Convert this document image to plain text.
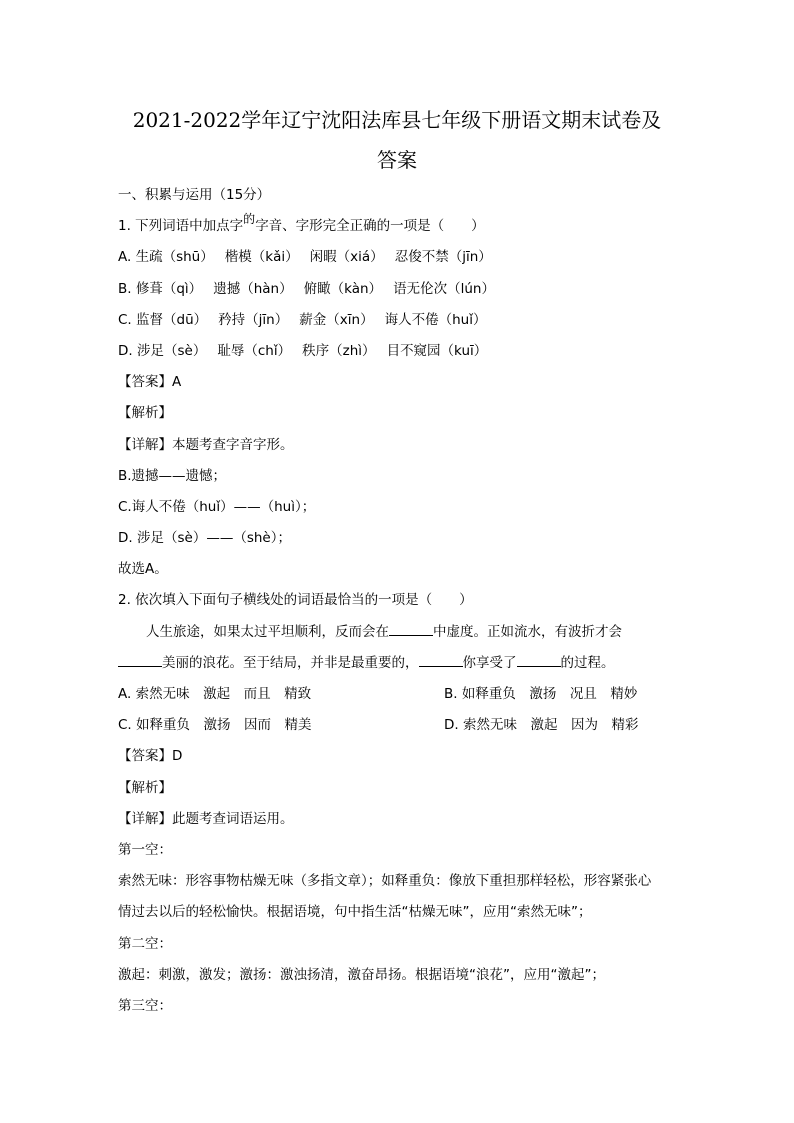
2021-2022学年辽宁沈阳法库县七年级下册语文期末试卷及
答案
一、积累与运用（15分）
1. 下列词语中加点字的字音、字形完全正确的一项是（　　）
A. 生疏（shū）　 楷模（kǎi）　 闲暇（xiá）　 忍俊不禁（jīn）
B. 修葺（qì）　 遗撼（hàn）　 俯瞰（kàn）　 语无伦次（lún）
C. 监督（dū）　 矜持（jīn）　 薪金（xīn）　 诲人不倦（huǐ）
D. 涉足（sè）　 耻辱（chǐ）　 秩序（zhì）　 目不窥园（kuī）
【答案】A
【解析】
【详解】本题考查字音字形。
B.遗撼——遗憾；
C.诲人不倦（huǐ）——（huì）；
D. 涉足（sè）——（shè）；
故选A。
2. 依次填入下面句子横线处的词语最恰当的一项是（　　）
人生旅途，如果太过平坦顺利，反而会在	中虚度。正如流水，有波折才会
美丽的浪花。至于结局，并非是最重要的，	你享受了	的过程。
A. 索然无味　激起　而且　精致	B. 如释重负　激扬　况且　精妙
C. 如释重负　激扬　因而　精美	D. 索然无味　激起　因为　精彩
【答案】D
【解析】
【详解】此题考查词语运用。
第一空：
索然无味：形容事物枯燥无味（多指文章）；如释重负：像放下重担那样轻松，形容紧张心
情过去以后的轻松愉快。根据语境，句中指生活“枯燥无味”，应用“索然无味”；
第二空：
激起：刺激，激发；激扬：激浊扬清，激奋昂扬。根据语境“浪花”，应用“激起”；
第三空：
